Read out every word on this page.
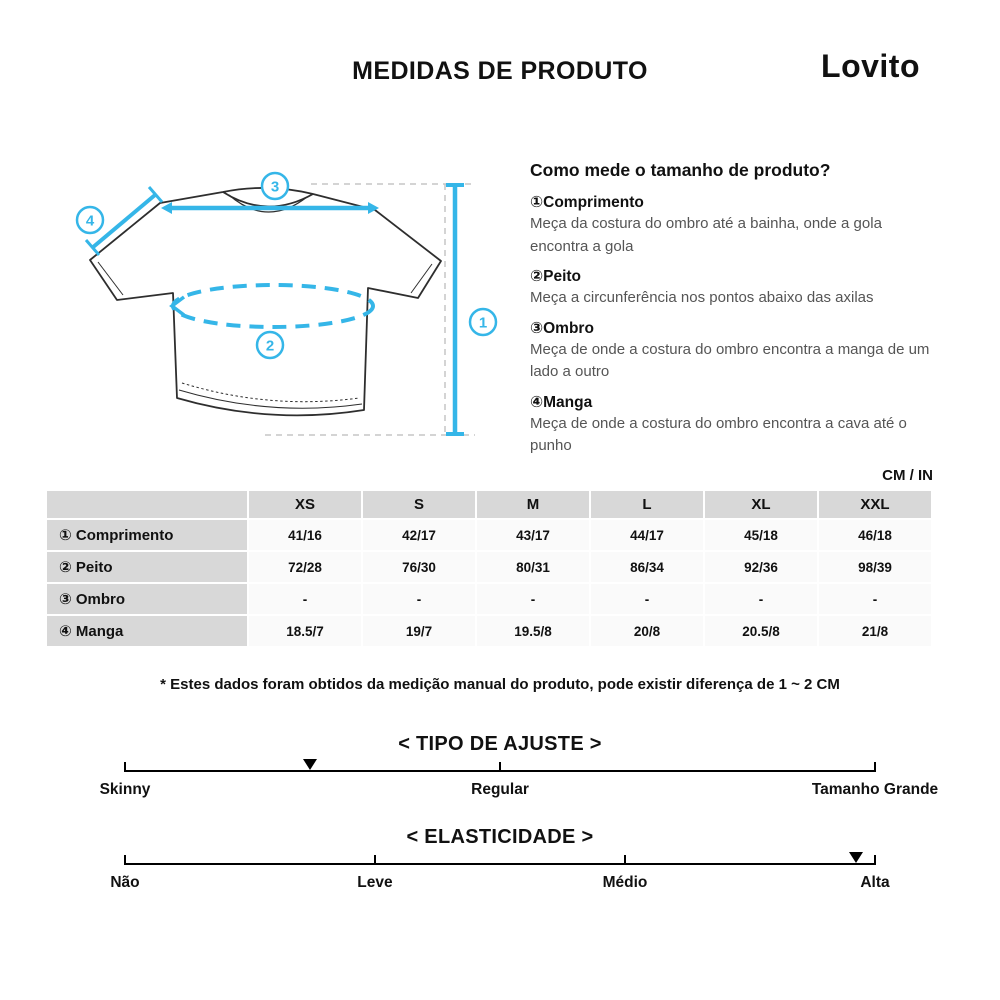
MEDIDAS DE PRODUTO	Lovito
3
4
2
1
Como mede o tamanho de produto?
①Comprimento
Meça da costura do ombro até a bainha, onde a gola encontra a gola
②Peito
Meça a circunferência nos pontos abaixo das axilas
③Ombro
Meça de onde a costura do ombro encontra a manga de um lado a outro
④Manga
Meça de onde a costura do ombro encontra a cava até o punho
CM / IN
	XS	S	M	L	XL	XXL
① Comprimento	41/16	42/17	43/17	44/17	45/18	46/18
② Peito	72/28	76/30	80/31	86/34	92/36	98/39
③ Ombro	-	-	-	-	-	-
④ Manga	18.5/7	19/7	19.5/8	20/8	20.5/8	21/8
* Estes dados foram obtidos da medição manual do produto, pode existir diferença de 1 ~ 2 CM
< TIPO DE AJUSTE >
Skinny	Regular	Tamanho Grande
< ELASTICIDADE >
Não	Leve	Médio	Alta
